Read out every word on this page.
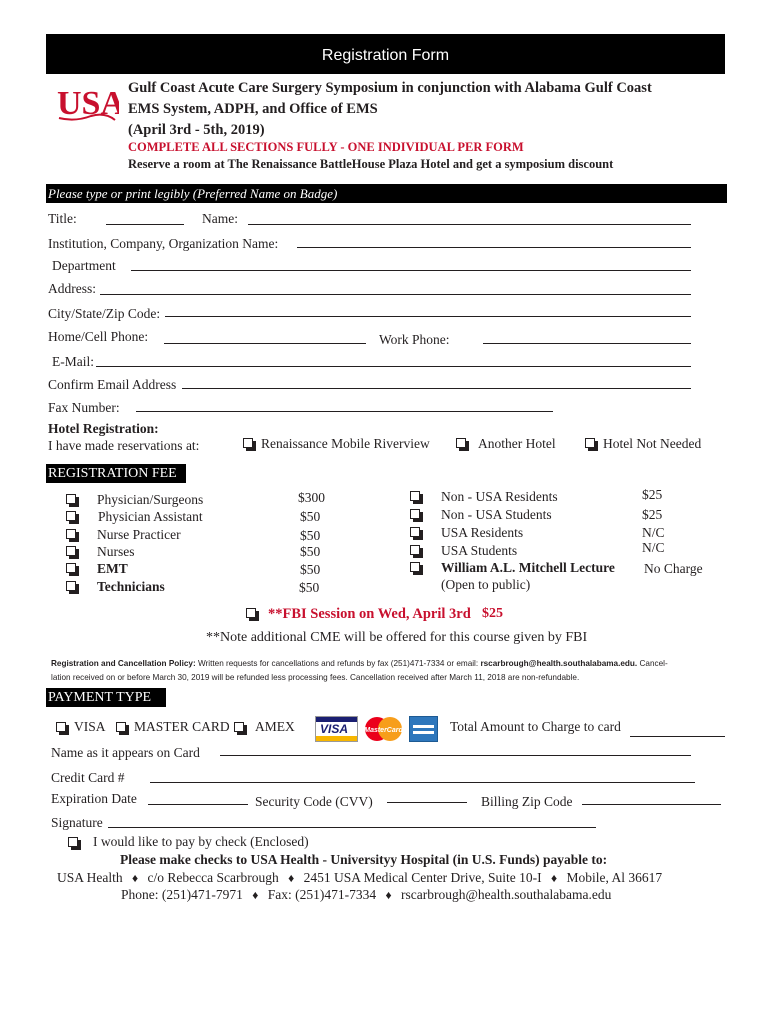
Registration Form
USA Gulf Coast Acute Care Surgery Symposium in conjunction with Alabama Gulf Coast
EMS System, ADPH, and Office of EMS
(April 3rd - 5th, 2019)
COMPLETE ALL SECTIONS FULLY - ONE INDIVIDUAL PER FORM
Reserve a room at The Renaissance BattleHouse Plaza Hotel and get a symposium discount
Please type or print legibly (Preferred Name on Badge)
Title:	Name:
Institution, Company, Organization Name:
Department
Address:
City/State/Zip Code:
Home/Cell Phone:	Work Phone:
E-Mail:
Confirm Email Address
Fax Number:
Hotel Registration:
I have made reservations at:	Renaissance Mobile Riverview	Another Hotel	Hotel Not Needed
REGISTRATION FEE
Physician/Surgeons	$300
Physician Assistant	$50
Nurse Practicer	$50
Nurses	$50
EMT	$50
Technicians	$50
Non - USA Residents	$25
Non - USA Students	$25
USA Residents	N/C
USA Students	N/C
William A.L. Mitchell Lecture No Charge
(Open to public)
**FBI Session on Wed, April 3rd $25
**Note additional CME will be offered for this course given by FBI
Registration and Cancellation Policy: Written requests for cancellations and refunds by fax (251)471-7334 or email: rscarbrough@health.southalabama.edu. Cancel-
lation received on or before March 30, 2019 will be refunded less processing fees. Cancellation received after March 11, 2018 are non-refundable.
PAYMENT TYPE
VISA MASTER CARD AMEX VISA MasterCard	Total Amount to Charge to card
Name as it appears on Card
Credit Card #
Expiration Date	Security Code (CVV)	Billing Zip Code
Signature
I would like to pay by check (Enclosed)
Please make checks to USA Health - Universityy Hospital (in U.S. Funds) payable to:
USA Health ♦ c/o Rebecca Scarbrough ♦ 2451 USA Medical Center Drive, Suite 10-I ♦ Mobile, Al 36617
Phone: (251)471-7971 ♦ Fax: (251)471-7334 ♦ rscarbrough@health.southalabama.edu
